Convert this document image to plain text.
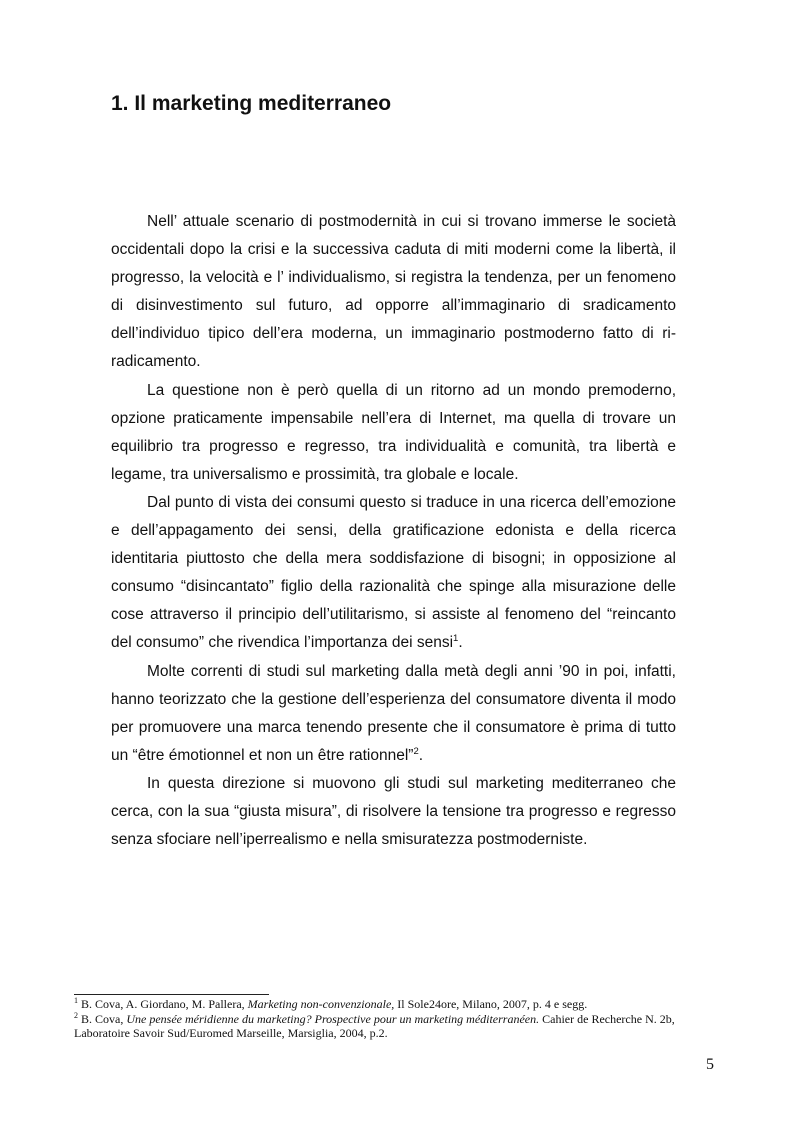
1. Il marketing mediterraneo

Nell’ attuale scenario di postmodernità in cui si trovano immerse le società occidentali dopo la crisi e la successiva caduta di miti moderni come la libertà, il progresso, la velocità e l’ individualismo, si registra la tendenza, per un fenomeno di disinvestimento sul futuro, ad opporre all’immaginario di sradicamento dell’individuo tipico dell’era moderna, un immaginario postmoderno fatto di ri-radicamento.

La questione non è però quella di un ritorno ad un mondo premoderno, opzione praticamente impensabile nell’era di Internet, ma quella di trovare un equilibrio tra progresso e regresso, tra individualità e comunità, tra libertà e legame, tra universalismo e prossimità, tra globale e locale.

Dal punto di vista dei consumi questo si traduce in una ricerca dell’emozione e dell’appagamento dei sensi, della gratificazione edonista e della ricerca identitaria piuttosto che della mera soddisfazione di bisogni; in opposizione al consumo “disincantato” figlio della razionalità che spinge alla misurazione delle cose attraverso il principio dell’utilitarismo, si assiste al fenomeno del “reincanto del consumo” che rivendica l’importanza dei sensi$^1$.

Molte correnti di studi sul marketing dalla metà degli anni ’90 in poi, infatti, hanno teorizzato che la gestione dell’esperienza del consumatore diventa il modo per promuovere una marca tenendo presente che il consumatore è prima di tutto un “être émotionnel et non un être rationnel”$^2$.

In questa direzione si muovono gli studi sul marketing mediterraneo che cerca, con la sua “giusta misura”, di risolvere la tensione tra progresso e regresso senza sfociare nell’iperrealismo e nella smisuratezza postmoderniste.

$^1$ B. Cova, A. Giordano, M. Pallera, Marketing non-convenzionale, Il Sole24ore, Milano, 2007, p. 4 e segg.

$^2$ B. Cova, Une pensée méridienne du marketing? Prospective pour un marketing méditerranéen. Cahier de Recherche N. 2b, Laboratoire Savoir Sud/Euromed Marseille, Marsiglia, 2004, p.2.

5
